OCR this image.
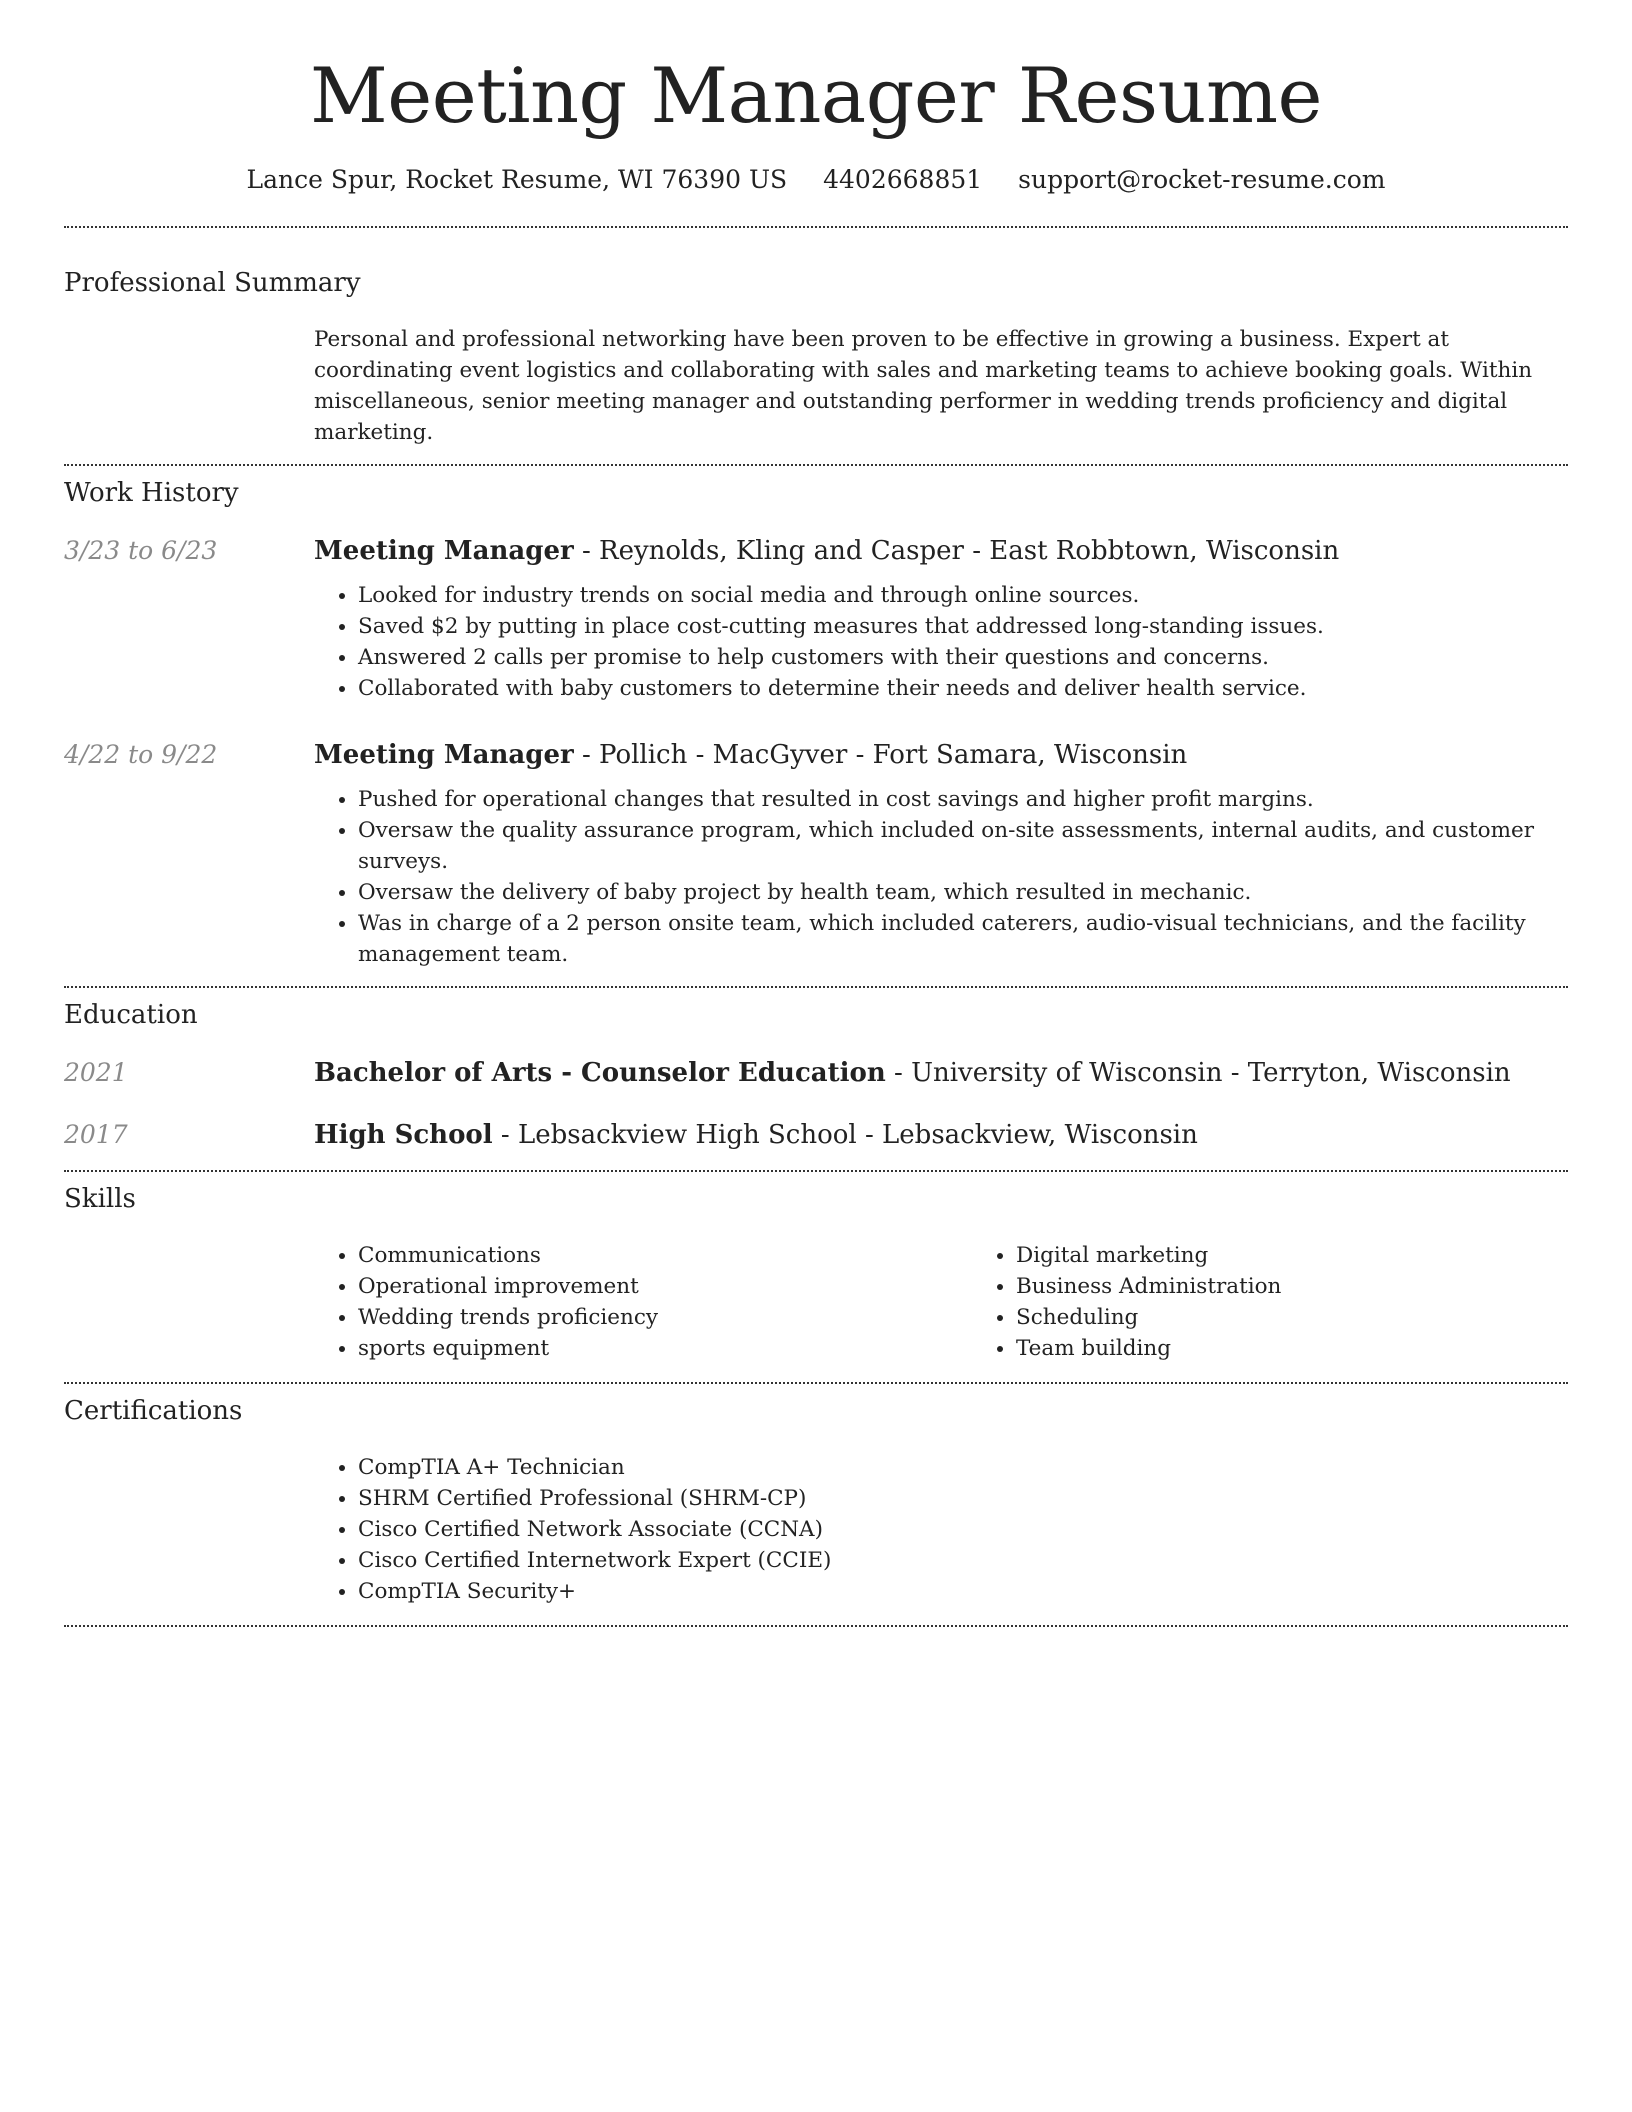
Meeting Manager Resume
Lance Spur, Rocket Resume, WI 76390 US 4402668851 support@rocket-resume.com
Professional Summary

Personal and professional networking have been proven to be effective in growing a business. Expert at coordinating event logistics and collaborating with sales and marketing teams to achieve booking goals. Within miscellaneous, senior meeting manager and outstanding performer in wedding trends proficiency and digital marketing.

Work History
3/23 to 6/23	Meeting Manager - Reynolds, Kling and Casper - East Robbtown, Wisconsin
• Looked for industry trends on social media and through online sources.
• Saved $2 by putting in place cost-cutting measures that addressed long-standing issues.
• Answered 2 calls per promise to help customers with their questions and concerns.
• Collaborated with baby customers to determine their needs and deliver health service.
4/22 to 9/22	Meeting Manager - Pollich - MacGyver - Fort Samara, Wisconsin
• Pushed for operational changes that resulted in cost savings and higher profit margins.
• Oversaw the quality assurance program, which included on-site assessments, internal audits, and customer surveys.
• Oversaw the delivery of baby project by health team, which resulted in mechanic.
• Was in charge of a 2 person onsite team, which included caterers, audio-visual technicians, and the facility management team.
Education
2021	Bachelor of Arts - Counselor Education - University of Wisconsin - Terryton, Wisconsin
2017	High School - Lebsackview High School - Lebsackview, Wisconsin
Skills
• Communications
• Operational improvement
• Wedding trends proficiency
• sports equipment
• Digital marketing
• Business Administration
• Scheduling
• Team building
Certifications
• CompTIA A+ Technician
• SHRM Certified Professional (SHRM-CP)
• Cisco Certified Network Associate (CCNA)
• Cisco Certified Internetwork Expert (CCIE)
• CompTIA Security+
